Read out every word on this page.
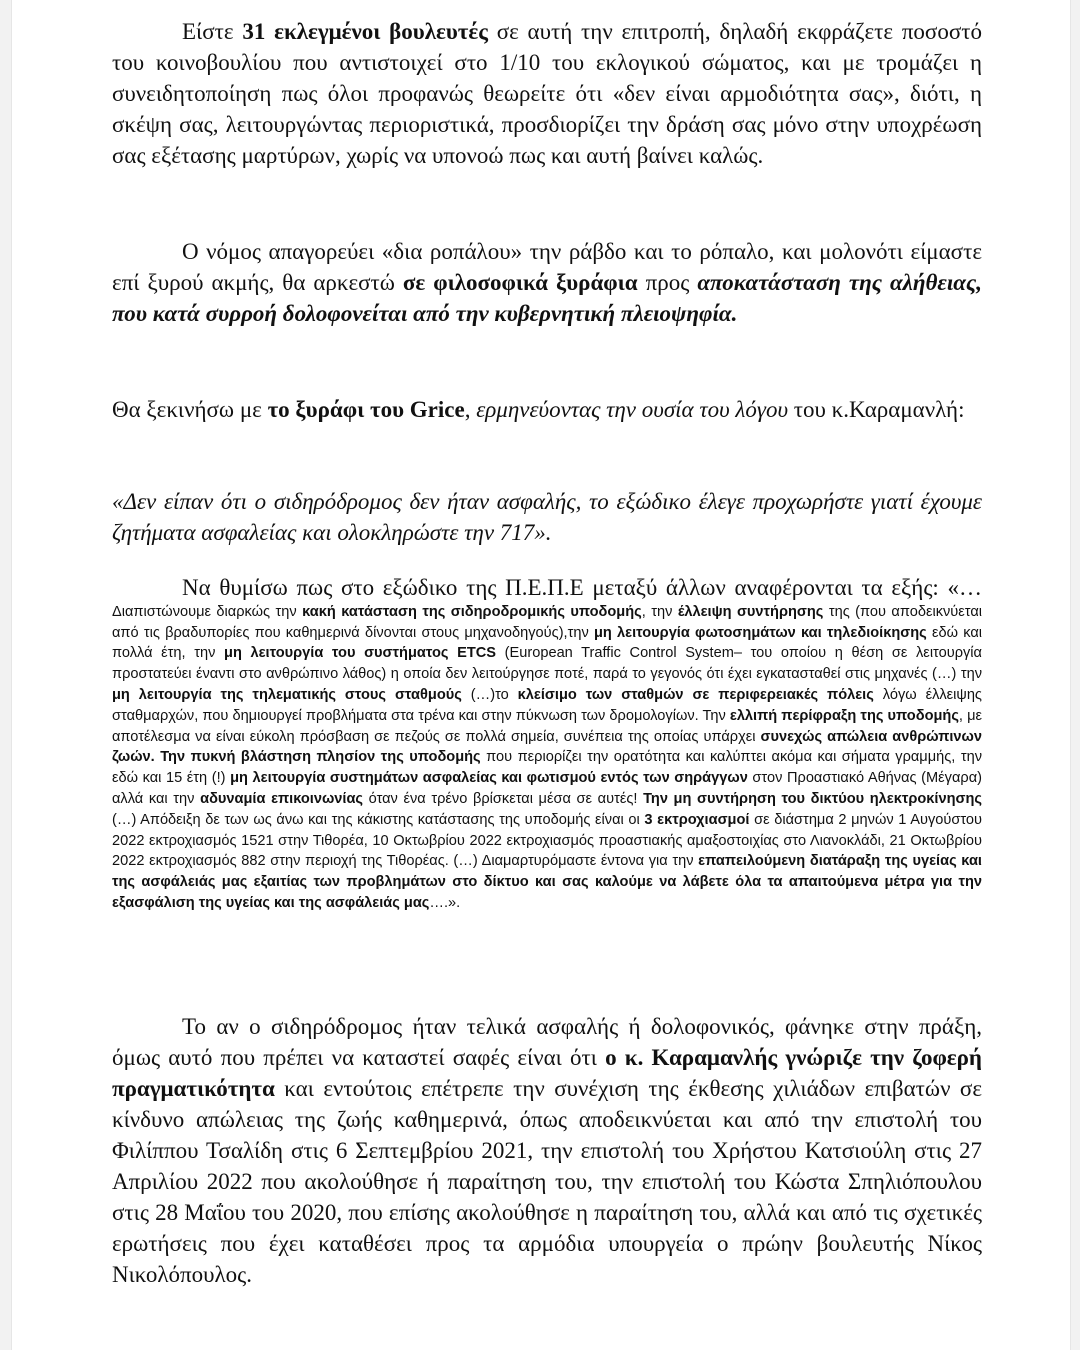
Είστε 31 εκλεγμένοι βουλευτές σε αυτή την επιτροπή, δηλαδή εκφράζετε ποσοστό του κοινοβουλίου που αντιστοιχεί στο 1/10 του εκλογικού σώματος, και με τρομάζει η συνειδητοποίηση πως όλοι προφανώς θεωρείτε ότι «δεν είναι αρμοδιότητα σας», διότι, η σκέψη σας, λειτουργώντας περιοριστικά, προσδιορίζει την δράση σας μόνο στην υποχρέωση σας εξέτασης μαρτύρων, χωρίς να υπονοώ πως και αυτή βαίνει καλώς.

Ο νόμος απαγορεύει «δια ροπάλου» την ράβδο και το ρόπαλο, και μολονότι είμαστε επί ξυρού ακμής, θα αρκεστώ σε φιλοσοφικά ξυράφια προς αποκατάσταση της αλήθειας, που κατά συρροή δολοφονείται από την κυβερνητική πλειοψηφία.

Θα ξεκινήσω με το ξυράφι του Grice, ερμηνεύοντας την ουσία του λόγου του κ.Καραμανλή:

«Δεν είπαν ότι ο σιδηρόδρομος δεν ήταν ασφαλής, το εξώδικο έλεγε προχωρήστε γιατί έχουμε ζητήματα ασφαλείας και ολοκληρώστε την 717».

Να θυμίσω πως στο εξώδικο της Π.Ε.Π.Ε μεταξύ άλλων αναφέρονται τα εξής: «…Διαπιστώνουμε διαρκώς την κακή κατάσταση της σιδηροδρομικής υποδομής, την έλλειψη συντήρησης της (που αποδεικνύεται από τις βραδυπορίες που καθημερινά δίνονται στους μηχανοδηγούς),την μη λειτουργία φωτοσημάτων και τηλεδιοίκησης εδώ και πολλά έτη, την μη λειτουργία του συστήματος ETCS (European Traffic Control System– του οποίου η θέση σε λειτουργία προστατεύει έναντι στο ανθρώπινο λάθος) η οποία δεν λειτούργησε ποτέ, παρά το γεγονός ότι έχει εγκατασταθεί στις μηχανές (…) την μη λειτουργία της τηλεματικής στους σταθμούς (…)το κλείσιμο των σταθμών σε περιφερειακές πόλεις λόγω έλλειψης σταθμαρχών, που δημιουργεί προβλήματα στα τρένα και στην πύκνωση των δρομολογίων. Την ελλιπή περίφραξη της υποδομής, με αποτέλεσμα να είναι εύκολη πρόσβαση σε πεζούς σε πολλά σημεία, συνέπεια της οποίας υπάρχει συνεχώς απώλεια ανθρώπινων ζωών. Την πυκνή βλάστηση πλησίον της υποδομής που περιορίζει την ορατότητα και καλύπτει ακόμα και σήματα γραμμής, την εδώ και 15 έτη (!) μη λειτουργία συστημάτων ασφαλείας και φωτισμού εντός των σηράγγων στον Προαστιακό Αθήνας (Μέγαρα) αλλά και την αδυναμία επικοινωνίας όταν ένα τρένο βρίσκεται μέσα σε αυτές! Την μη συντήρηση του δικτύου ηλεκτροκίνησης (…) Απόδειξη δε των ως άνω και της κάκιστης κατάστασης της υποδομής είναι οι 3 εκτροχιασμοί σε διάστημα 2 μηνών 1 Αυγούστου 2022 εκτροχιασμός 1521 στην Τιθορέα, 10 Οκτωβρίου 2022 εκτροχιασμός προαστιακής αμαξοστοιχίας στο Λιανοκλάδι, 21 Οκτωβρίου 2022 εκτροχιασμός 882 στην περιοχή της Τιθορέας. (…) Διαμαρτυρόμαστε έντονα για την επαπειλούμενη διατάραξη της υγείας και της ασφάλειάς μας εξαιτίας των προβλημάτων στο δίκτυο και σας καλούμε να λάβετε όλα τα απαιτούμενα μέτρα για την εξασφάλιση της υγείας και της ασφάλειάς μας….».

Το αν ο σιδηρόδρομος ήταν τελικά ασφαλής ή δολοφονικός, φάνηκε στην πράξη, όμως αυτό που πρέπει να καταστεί σαφές είναι ότι ο κ. Καραμανλής γνώριζε την ζοφερή πραγματικότητα και εντούτοις επέτρεπε την συνέχιση της έκθεσης χιλιάδων επιβατών σε κίνδυνο απώλειας της ζωής καθημερινά, όπως αποδεικνύεται και από την επιστολή του Φιλίππου Τσαλίδη στις 6 Σεπτεμβρίου 2021, την επιστολή του Χρήστου Κατσιούλη στις 27 Απριλίου 2022 που ακολούθησε ή παραίτηση του, την επιστολή του Κώστα Σπηλιόπουλου στις 28 Μαΐου του 2020, που επίσης ακολούθησε η παραίτηση του, αλλά και από τις σχετικές ερωτήσεις που έχει καταθέσει προς τα αρμόδια υπουργεία ο πρώην βουλευτής Νίκος Νικολόπουλος.
